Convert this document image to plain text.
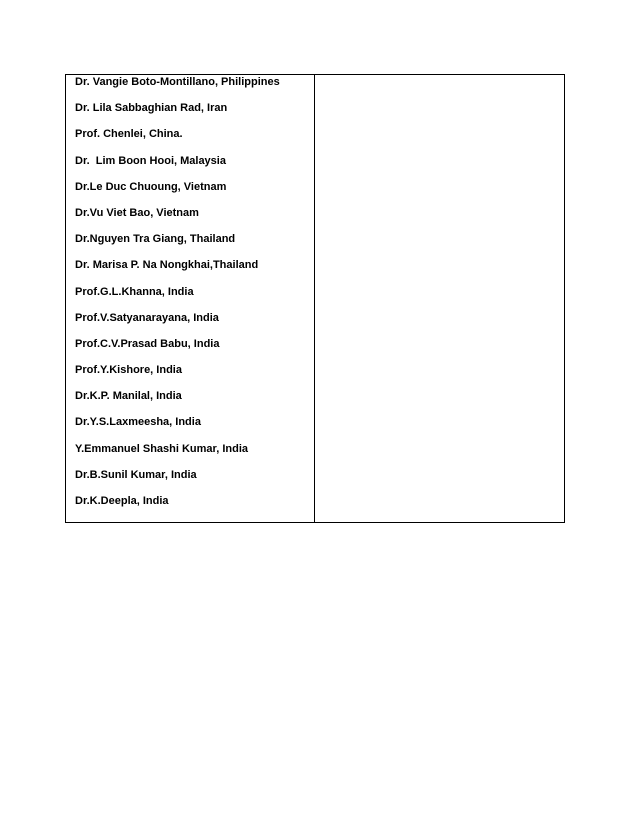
Dr. Vangie Boto-Montillano, Philippines
Dr. Lila Sabbaghian Rad, Iran
Prof. Chenlei, China.
Dr.  Lim Boon Hooi, Malaysia
Dr.Le Duc Chuoung, Vietnam
Dr.Vu Viet Bao, Vietnam
Dr.Nguyen Tra Giang, Thailand
Dr. Marisa P. Na Nongkhai,Thailand
Prof.G.L.Khanna, India
Prof.V.Satyanarayana, India
Prof.C.V.Prasad Babu, India
Prof.Y.Kishore, India
Dr.K.P. Manilal, India
Dr.Y.S.Laxmeesha, India
Y.Emmanuel Shashi Kumar, India
Dr.B.Sunil Kumar, India
Dr.K.Deepla, India
